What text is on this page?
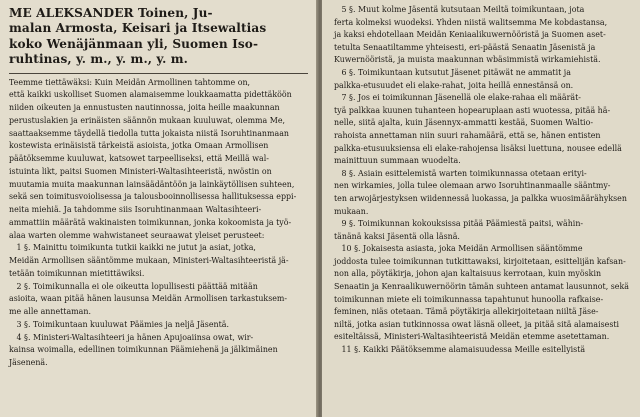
ME ALEKSANDER Toinen, Ju-
malan Armosta, Keisari ja Itsewaltias
koko Wenäjänmaan yli, Suomen Iso-
ruhtinas, y. m., y. m., y. m.
Teemme tiettäwäksi: Kuin Meidän Armollinen tahtomme on,
että kaikki uskolliset Suomen alamaisemme loukkaamatta pidettäköön
niiden oikeuten ja ennustusten nautinnossa, joita heille maakunnan
perustuslakien ja erinäisten säännön mukaan kuuluwat, olemma Me,
saattaaksemme täydellä tiedolla tutta jokaista niistä Isoruhtinanmaan
kostewista erinäisistä tärkeistä asioista, jotka Omaan Armollisen
päätöksemme kuuluwat, katsowet tarpeelliseksi, että Meillä wal-
istuinta likt, paitsi Suomen Ministeri-Waltasihteeristä, nwöstin on
muutamia muita maakunnan lainsäädäntöön ja lainkäytöllisen suhteen,
sekä sen toimitusvoiolisessa ja talousbooinnollisessa hallituksessa eppi-
neita miehiä. Ja tahdomme siis Isoruhtinanmaan Waltasihteeri-
ammattiin määrätä wakinaisten toimikunnan, jonka kokoomista ja työ-
alaa warten olemme wahwistaneet seuraawat yleiset perusteet:
1 §. Mainittu toimikunta tutkii kaikki ne jutut ja asiat, jotka,
Meidän Armollisen sääntömme mukaan, Ministeri-Waltasihteeristä jä-
tetään toimikunnan mietittäwiksi.
2 §. Toimikunnalla ei ole oikeutta lopullisesti päättää mitään
asioita, waan pitää hänen lausunsa Meidän Armollisen tarkastuksem-
me alle annettaman.
3 §. Toimikuntaan kuuluwat Päämies ja neljä Jäsentä.
4 §. Ministeri-Waltasihteeri ja hänen Apujoaiinsa owat, wir-
kainsa woimalla, edellinen toimikunnan Päämiehenä ja jälkimäinen
Jäsenenä.
5 §. Muut kolme Jäsentä kutsutaan Meiltä toimikuntaan, jota
ferta kolmeksi wuodeksi. Yhden niistä walitsemma Me kobdastansa,
ja kaksi ehdotellaan Meidän Keniaalikuwernööristä ja Suomen aset-
tetulta Senaatiltamme yhteisesti, eri-päästä Senaatin Jäsenistä ja
Kuwernööristä, ja muista maakunnan wbäsimmistä wirkamiehistä.
6 §. Toimikuntaan kutsutut Jäsenet pitäwät ne ammatit ja
palkka-etusuudet eli elake-rahat, joita heillä ennestänsä on.
7 §. Jos ei toimikunnan Jäsenellä ole elake-rahaa eli määrät-
tyä palkkaa kuunen tuhanteen hopearuplaan asti wuotessa, pitää hä-
nelle, siitä ajalta, kuin Jäsennyx-ammatti kestää, Suomen Waltio-
rahoista annettaman niin suuri rahamäärä, että se, hänen entisten
palkka-etusuuksiensa eli elake-rahojensa lisäksi luettuna, nousee edellä
mainittuun summaan wuodelta.
8 §. Asiain esittelemistä warten toimikunnassa otetaan erityi-
nen wirkamies, jolla tulee olemaan arwo Isoruhtinanmaalle sääntmy-
ten arwojärjestyksen wiidennessä luokassa, ja palkka wuosimäärähyksen
mukaan.
9 §. Toimikunnan kokouksissa pitää Päämiestä paitsi, wähin-
tänänä kaksi Jäsentä olla läsnä.
10 §. Jokaisesta asiasta, joka Meidän Armollisen sääntömme
joddosta tulee toimikunnan tutkittawaksi, kirjoitetaan, esittelijän kafsan-
non alla, pöytäkirja, johon ajan kaltaisuus kerrotaan, kuin myöskin
Senaatin ja Kenraalikuwernöörin tämän suhteen antamat lausunnot, sekä
toimikunnan miete eli toimikunnassa tapahtunut hunoolla rafkaise-
feminen, niäs otetaan. Tämä pöytäkirja allekirjoitetaan niiltä Jäse-
niltä, jotka asian tutkinnossa owat läsnä olleet, ja pitää sitä alamaisesti
esiteltäissä, Ministeri-Waltasihteeristä Meidän etemme asetettaman.
11 §. Kaikki Päätöksemme alamaisuudessa Meille esitellyistä
